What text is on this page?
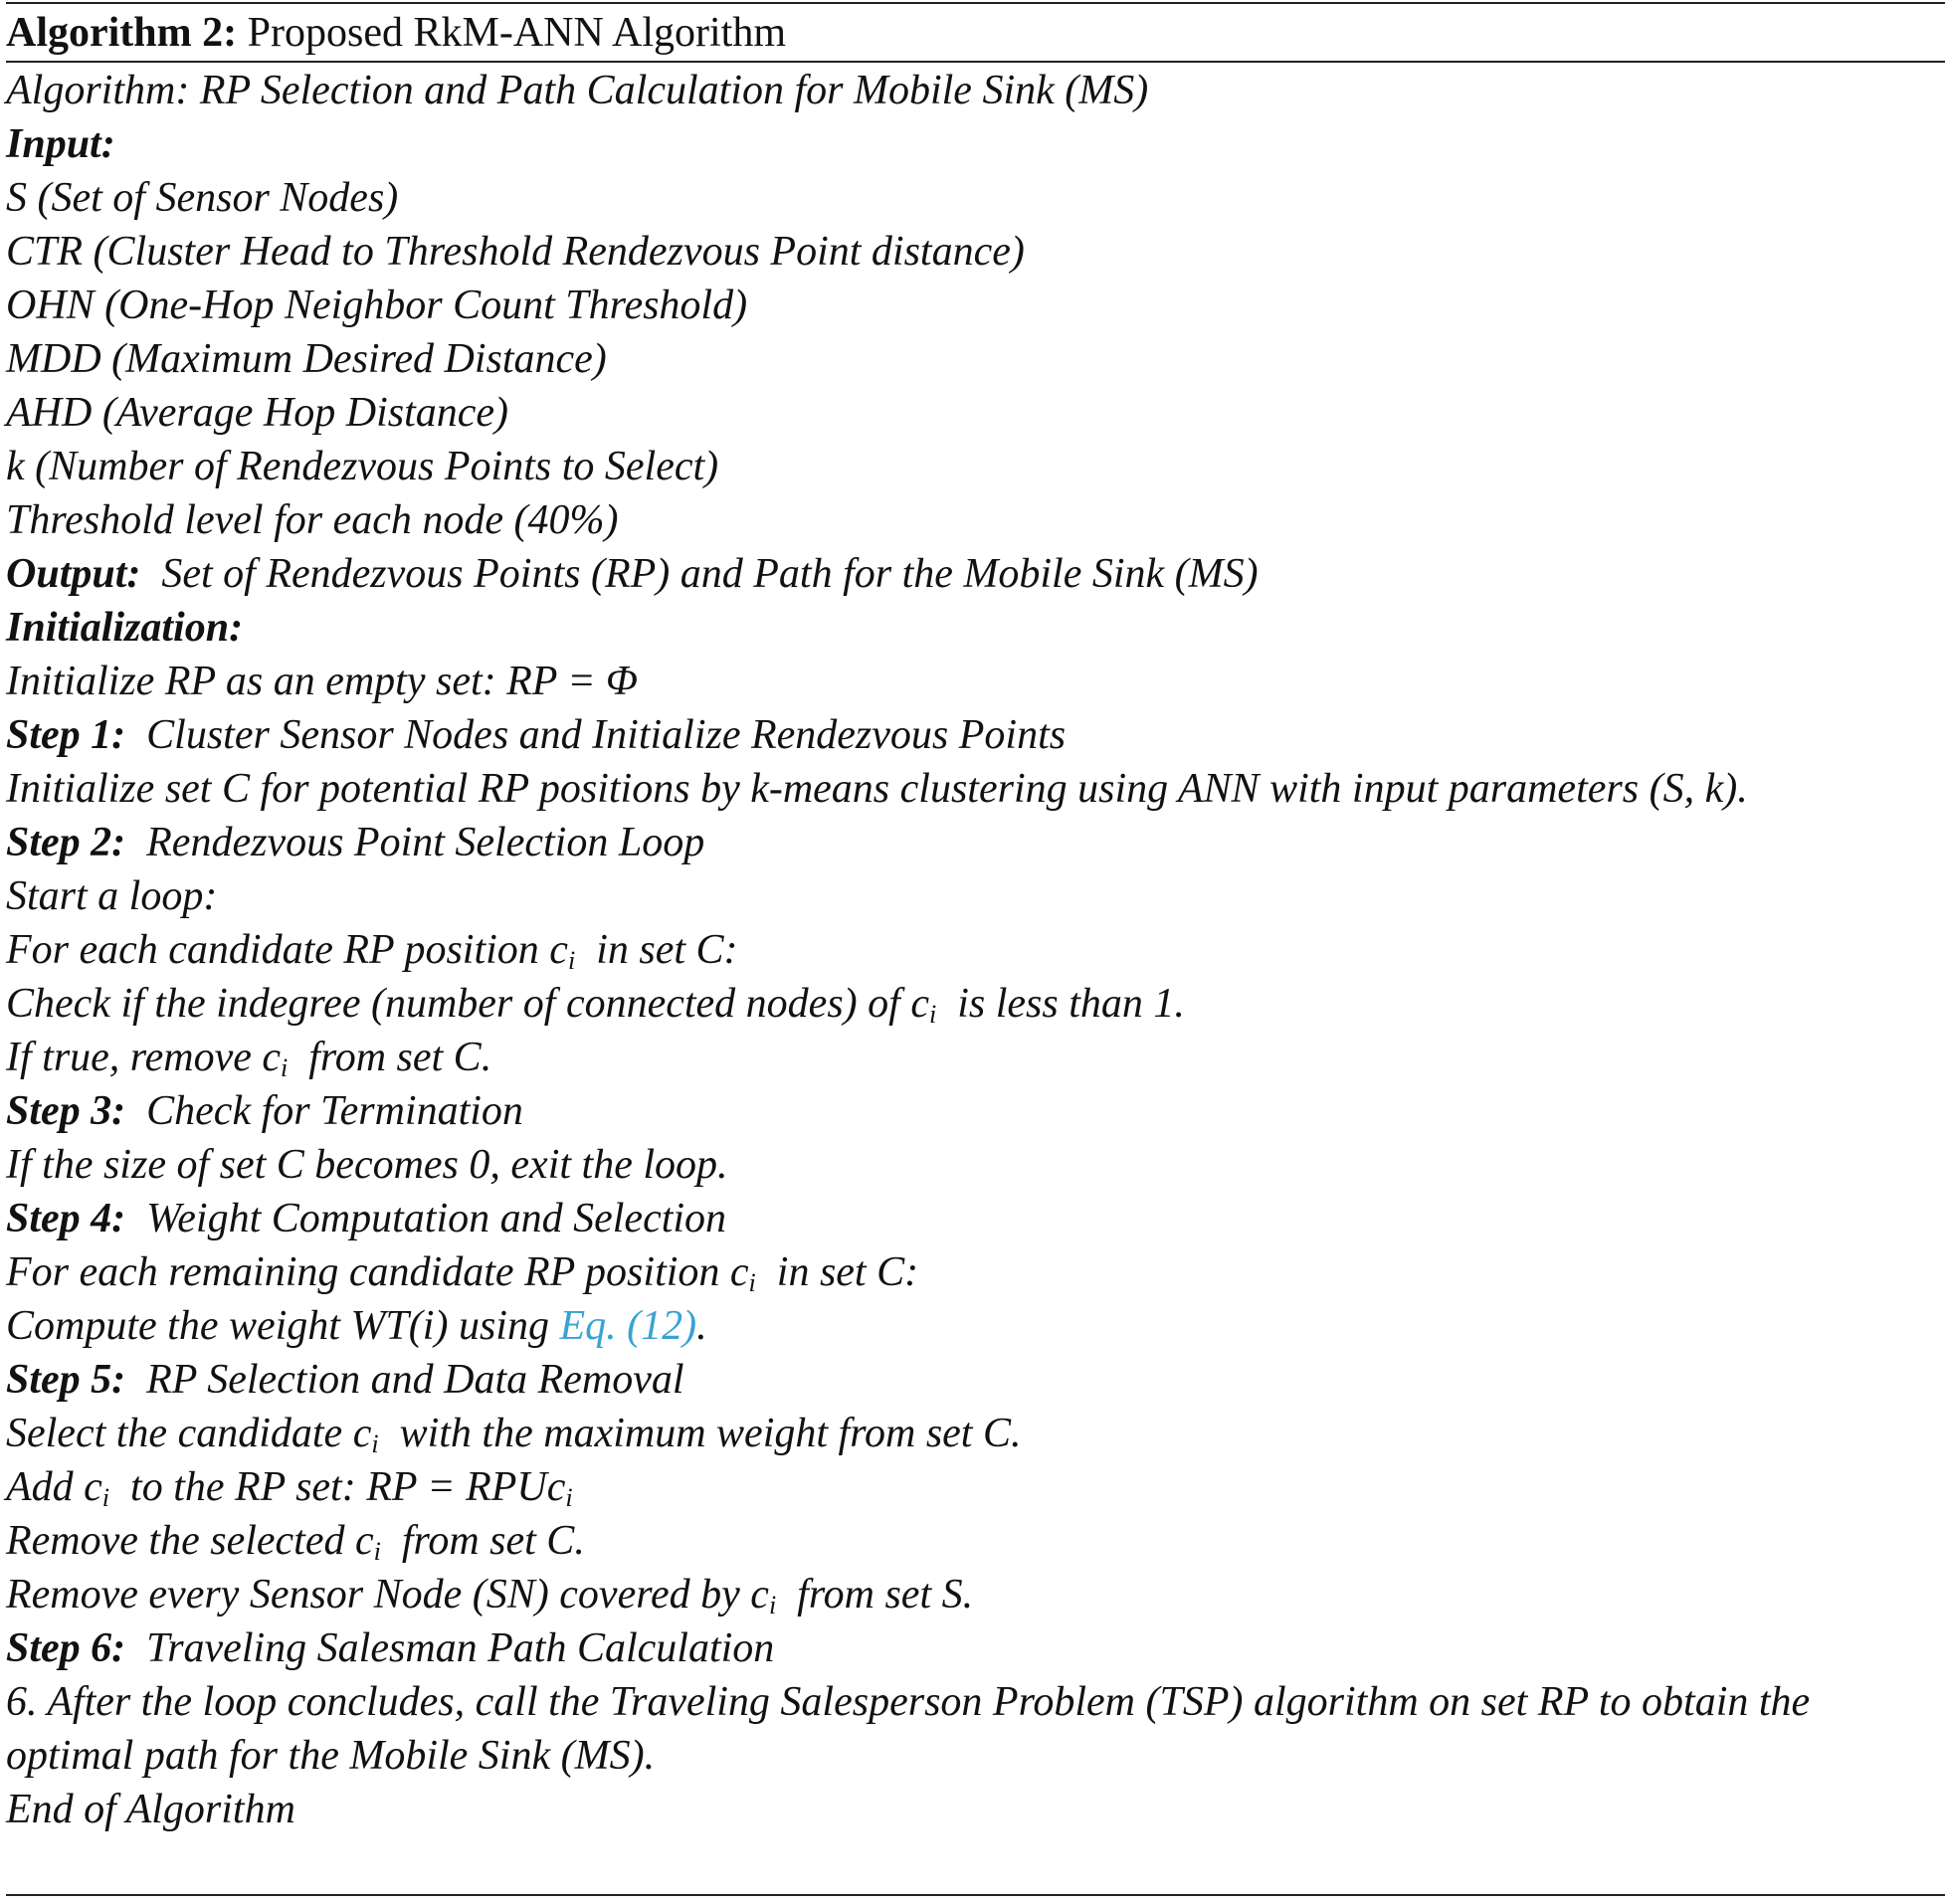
Algorithm 2: Proposed RkM-ANN Algorithm
Algorithm: RP Selection and Path Calculation for Mobile Sink (MS)
Input:
S (Set of Sensor Nodes)
CTR (Cluster Head to Threshold Rendezvous Point distance)
OHN (One-Hop Neighbor Count Threshold)
MDD (Maximum Desired Distance)
AHD (Average Hop Distance)
k (Number of Rendezvous Points to Select)
Threshold level for each node (40%)
Output: Set of Rendezvous Points (RP) and Path for the Mobile Sink (MS)
Initialization:
Initialize RP as an empty set: RP = Φ
Step 1: Cluster Sensor Nodes and Initialize Rendezvous Points
Initialize set C for potential RP positions by k-means clustering using ANN with input parameters (S, k).
Step 2: Rendezvous Point Selection Loop
Start a loop:
For each candidate RP position $c_i$ in set C:
Check if the indegree (number of connected nodes) of $c_i$ is less than 1.
If true, remove $c_i$ from set C.
Step 3: Check for Termination
If the size of set C becomes 0, exit the loop.
Step 4: Weight Computation and Selection
For each remaining candidate RP position $c_i$ in set C:
Compute the weight WT(i) using Eq. (12).
Step 5: RP Selection and Data Removal
Select the candidate $c_i$ with the maximum weight from set C.
Add $c_i$ to the RP set: RP = RPUc$_i$
Remove the selected $c_i$ from set C.
Remove every Sensor Node (SN) covered by $c_i$ from set S.
Step 6: Traveling Salesman Path Calculation
6. After the loop concludes, call the Traveling Salesperson Problem (TSP) algorithm on set RP to obtain the optimal path for the Mobile Sink (MS).
End of Algorithm
